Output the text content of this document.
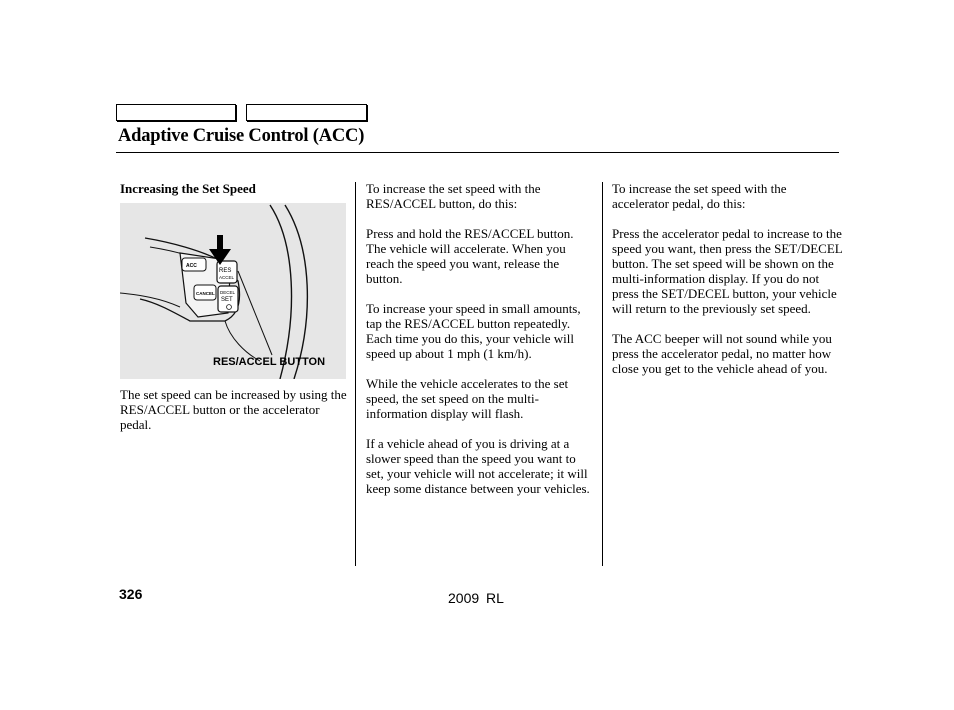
Adaptive Cruise Control (ACC)
Increasing the Set Speed
ACC
RES
ACCEL
CANCEL DECEL
SET
RES/ACCEL BUTTON
The set speed can be increased by using the RES/ACCEL button or the accelerator pedal.

To increase the set speed with the RES/ACCEL button, do this:

Press and hold the RES/ACCEL button. The vehicle will accelerate. When you reach the speed you want, release the button.

To increase your speed in small amounts, tap the RES/ACCEL button repeatedly. Each time you do this, your vehicle will speed up about 1 mph (1 km/h).

While the vehicle accelerates to the set speed, the set speed on the multi-information display will flash.

If a vehicle ahead of you is driving at a slower speed than the speed you want to set, your vehicle will not accelerate; it will keep some distance between your vehicles.

To increase the set speed with the accelerator pedal, do this:

Press the accelerator pedal to increase to the speed you want, then press the SET/DECEL button. The set speed will be shown on the multi-information display. If you do not press the SET/DECEL button, your vehicle will return to the previously set speed.

The ACC beeper will not sound while you press the accelerator pedal, no matter how close you get to the vehicle ahead of you.

326	2009 RL
